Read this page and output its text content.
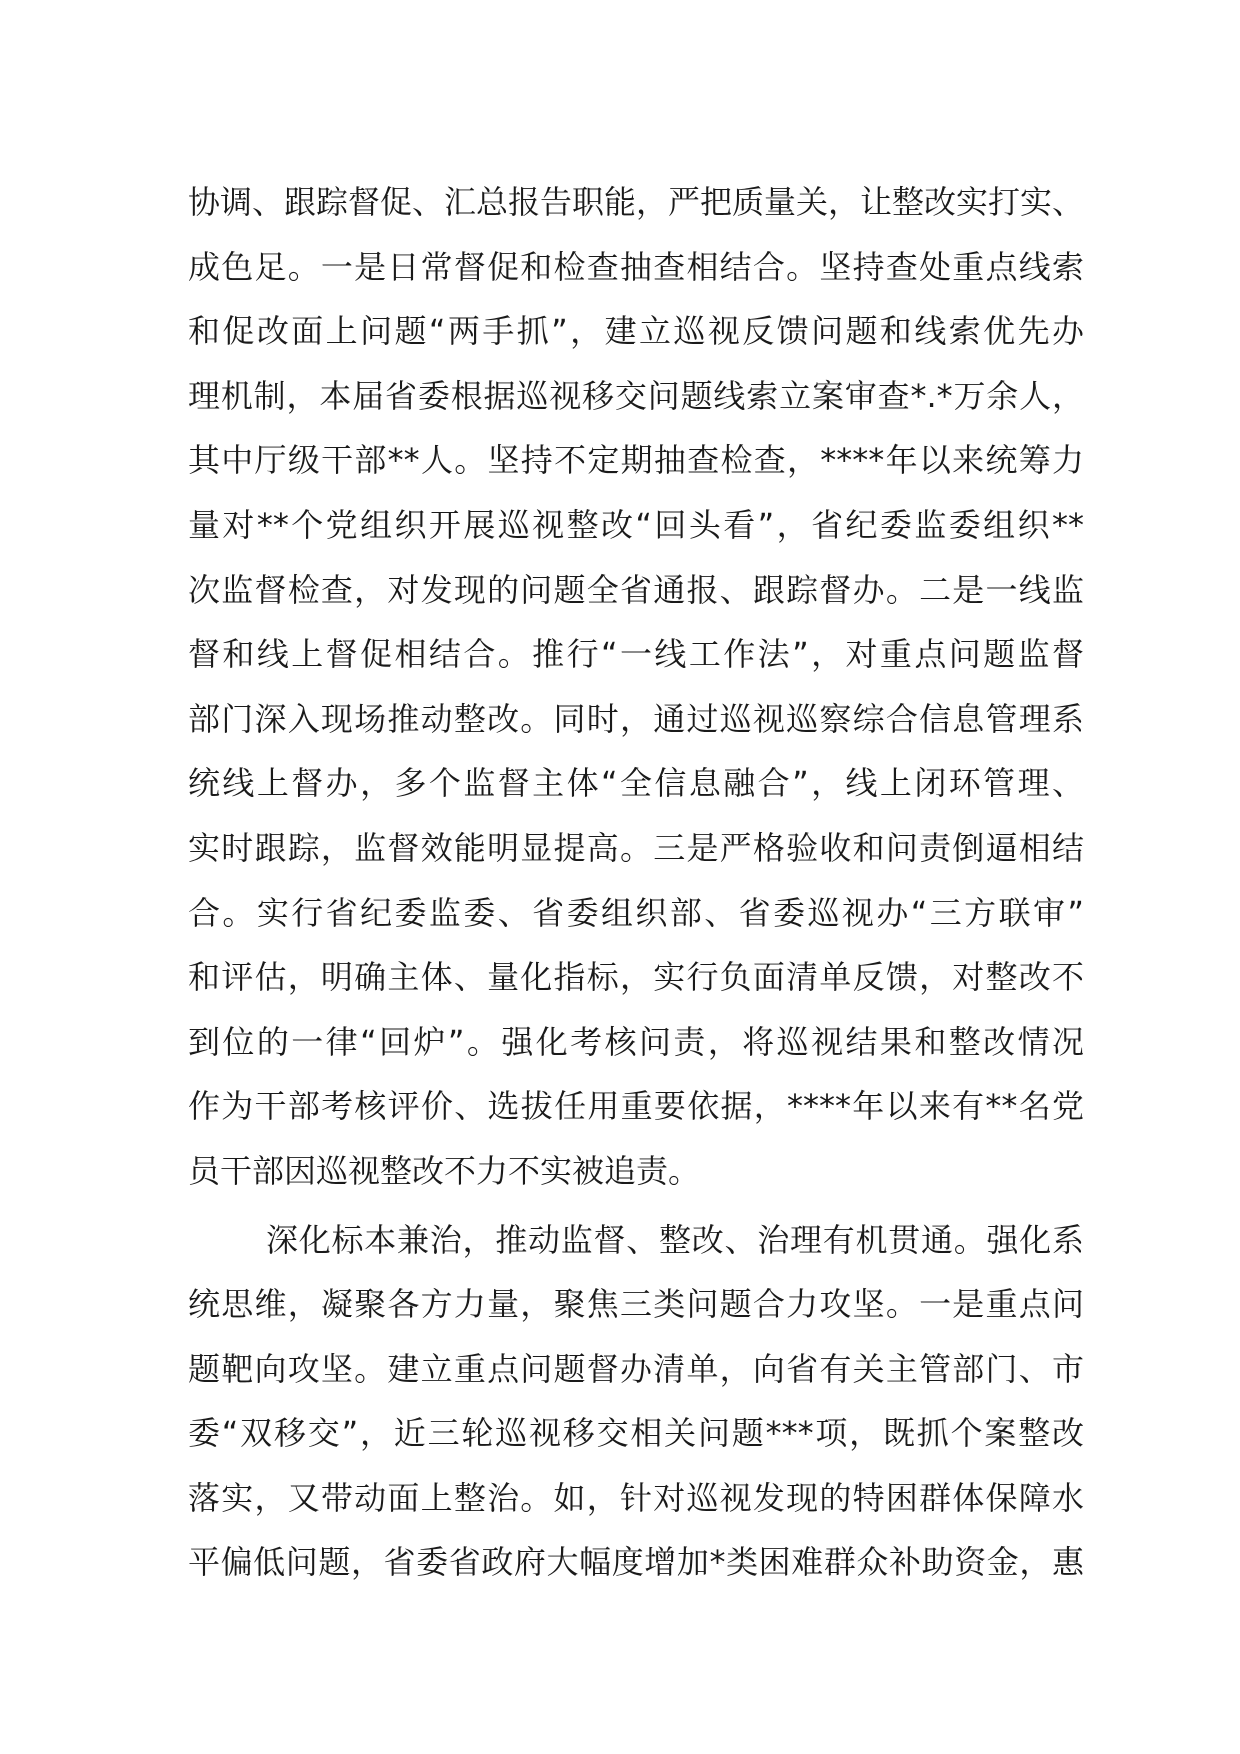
协调、跟踪督促、汇总报告职能，严把质量关，让整改实打实、
成色足。一是日常督促和检查抽查相结合。坚持查处重点线索
和促改面上问题“两手抓”，建立巡视反馈问题和线索优先办
理机制，本届省委根据巡视移交问题线索立案审查*.*万余人，
其中厅级干部**人。坚持不定期抽查检查，****年以来统筹力
量对**个党组织开展巡视整改“回头看”，省纪委监委组织**
次监督检查，对发现的问题全省通报、跟踪督办。二是一线监
督和线上督促相结合。推行“一线工作法”，对重点问题监督
部门深入现场推动整改。同时，通过巡视巡察综合信息管理系
统线上督办，多个监督主体“全信息融合”，线上闭环管理、
实时跟踪，监督效能明显提高。三是严格验收和问责倒逼相结
合。实行省纪委监委、省委组织部、省委巡视办“三方联审”
和评估，明确主体、量化指标，实行负面清单反馈，对整改不
到位的一律“回炉”。强化考核问责，将巡视结果和整改情况
作为干部考核评价、选拔任用重要依据，****年以来有**名党
员干部因巡视整改不力不实被追责。
深化标本兼治，推动监督、整改、治理有机贯通。强化系
统思维，凝聚各方力量，聚焦三类问题合力攻坚。一是重点问
题靶向攻坚。建立重点问题督办清单，向省有关主管部门、市
委“双移交”，近三轮巡视移交相关问题***项，既抓个案整改
落实，又带动面上整治。如，针对巡视发现的特困群体保障水
平偏低问题，省委省政府大幅度增加*类困难群众补助资金，惠
